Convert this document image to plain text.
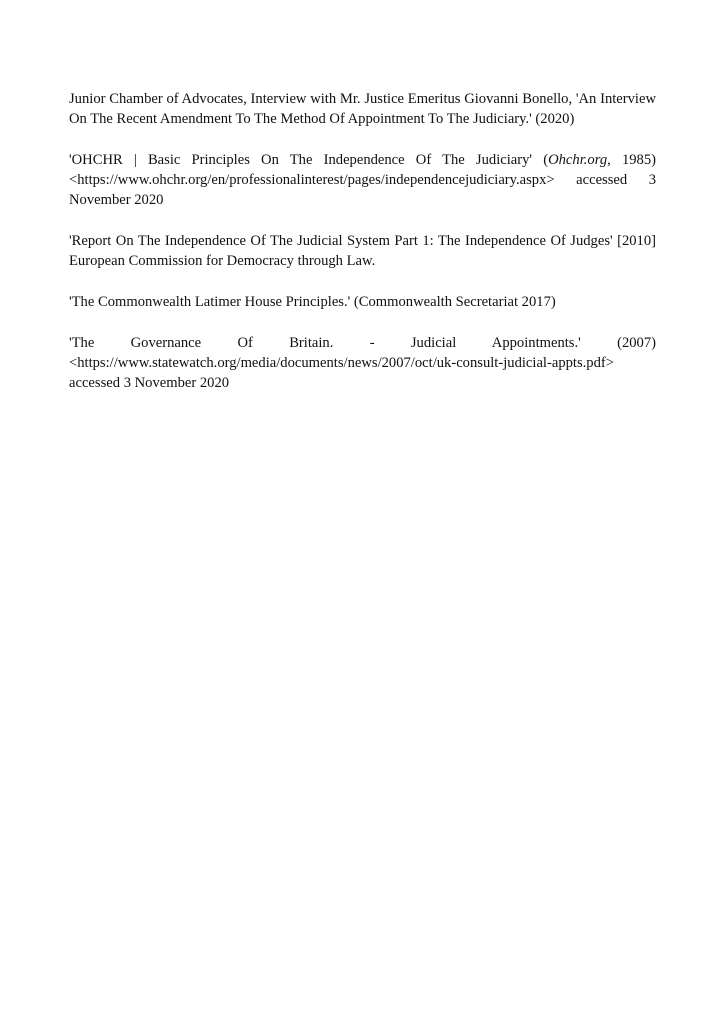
Junior Chamber of Advocates, Interview with Mr. Justice Emeritus Giovanni Bonello, 'An Interview On The Recent Amendment To The Method Of Appointment To The Judiciary.' (2020)

'OHCHR | Basic Principles On The Independence Of The Judiciary' (Ohchr.org, 1985) <https://www.ohchr.org/en/professionalinterest/pages/independencejudiciary.aspx> accessed 3 November 2020

'Report On The Independence Of The Judicial System Part 1: The Independence Of Judges' [2010] European Commission for Democracy through Law.

'The Commonwealth Latimer House Principles.' (Commonwealth Secretariat 2017)

'The Governance Of Britain. - Judicial Appointments.' (2007) <https://www.statewatch.org/media/documents/news/2007/oct/uk-consult-judicial-appts.pdf> accessed 3 November 2020
